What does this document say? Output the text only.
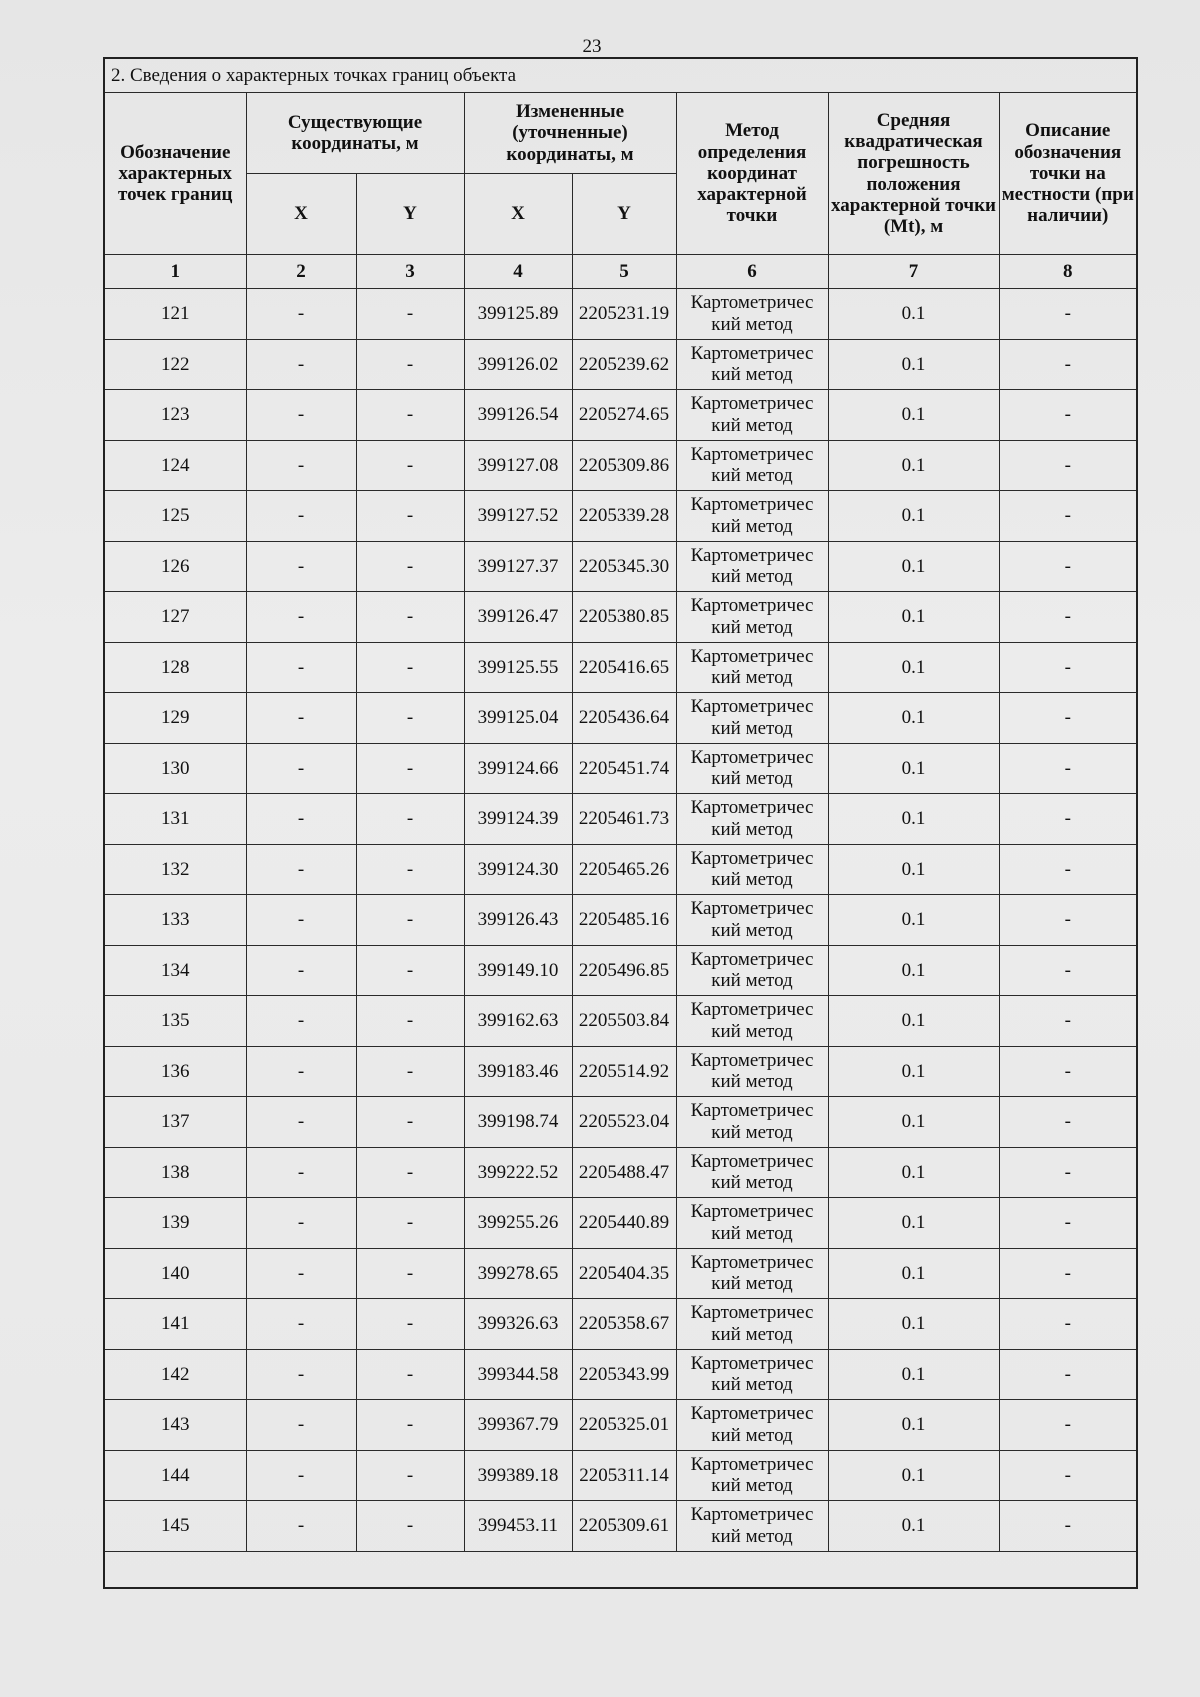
23
2. Сведения о характерных точках границ объекта							
Обозначение характерных точек границ	Существующие координаты, м		Измененные (уточненные) координаты, м		Метод определения координат характерной точки	Средняя квадратическая погрешность положения характерной точки (Mt), м	Описание обозначения точки на местности (при наличии)
	X	Y	X	Y			
1	2	3	4	5	6	7	8
121	-	-	399125.89	2205231.19	Картометричес кий метод	0.1	-
122	-	-	399126.02	2205239.62	Картометричес кий метод	0.1	-
123	-	-	399126.54	2205274.65	Картометричес кий метод	0.1	-
124	-	-	399127.08	2205309.86	Картометричес кий метод	0.1	-
125	-	-	399127.52	2205339.28	Картометричес кий метод	0.1	-
126	-	-	399127.37	2205345.30	Картометричес кий метод	0.1	-
127	-	-	399126.47	2205380.85	Картометричес кий метод	0.1	-
128	-	-	399125.55	2205416.65	Картометричес кий метод	0.1	-
129	-	-	399125.04	2205436.64	Картометричес кий метод	0.1	-
130	-	-	399124.66	2205451.74	Картометричес кий метод	0.1	-
131	-	-	399124.39	2205461.73	Картометричес кий метод	0.1	-
132	-	-	399124.30	2205465.26	Картометричес кий метод	0.1	-
133	-	-	399126.43	2205485.16	Картометричес кий метод	0.1	-
134	-	-	399149.10	2205496.85	Картометричес кий метод	0.1	-
135	-	-	399162.63	2205503.84	Картометричес кий метод	0.1	-
136	-	-	399183.46	2205514.92	Картометричес кий метод	0.1	-
137	-	-	399198.74	2205523.04	Картометричес кий метод	0.1	-
138	-	-	399222.52	2205488.47	Картометричес кий метод	0.1	-
139	-	-	399255.26	2205440.89	Картометричес кий метод	0.1	-
140	-	-	399278.65	2205404.35	Картометричес кий метод	0.1	-
141	-	-	399326.63	2205358.67	Картометричес кий метод	0.1	-
142	-	-	399344.58	2205343.99	Картометричес кий метод	0.1	-
143	-	-	399367.79	2205325.01	Картометричес кий метод	0.1	-
144	-	-	399389.18	2205311.14	Картометричес кий метод	0.1	-
145	-	-	399453.11	2205309.61	Картометричес кий метод	0.1	-
